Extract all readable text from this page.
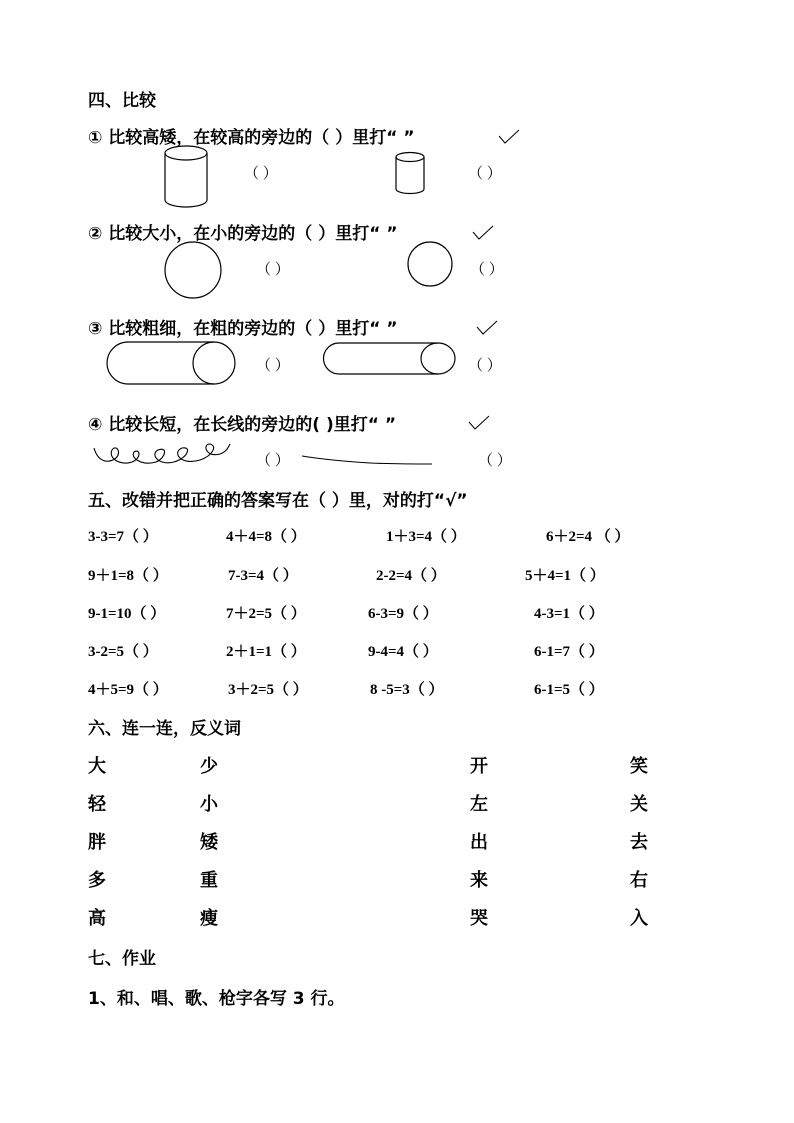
四、比较
① 比较高矮，在较高的旁边的（ ）里打“ ”
（ ）	（ ）
② 比较大小，在小的旁边的（ ）里打“ ”
（ ）	（ ）
③ 比较粗细，在粗的旁边的（ ）里打“ ”
（ ）	（ ）
④ 比较长短，在长线的旁边的( )里打“ ”
（ ）	（ ）
五、改错并把正确的答案写在（ ）里，对的打“√”
3-3=7（ ）	4＋4=8（ ）	1＋3=4（ ）	6＋2=4 （ ）
9＋1=8（ ）	7-3=4（ ）	2-2=4（ ）	5＋4=1（ ）
9-1=10（ ）	7＋2=5（ ）	6-3=9（ ）	4-3=1（ ）
3-2=5（ ）	2＋1=1（ ）	9-4=4（ ）	6-1=7（ ）
4＋5=9（ ）	3＋2=5（ ）	8 -5=3（ ）	6-1=5（ ）
六、连一连，反义词
大	少	开	笑
轻	小	左	关
胖	矮	出	去
多	重	来	右
高	瘦	哭	入
七、作业
1、和、唱、歌、枪字各写 3 行。
